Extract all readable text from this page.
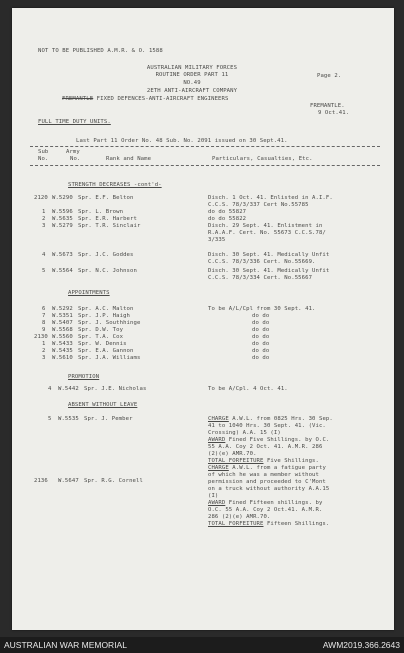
NOT TO BE PUBLISHED A.M.R. & O. 1588
AUSTRALIAN MILITARY FORCES
ROUTINE ORDER PART 11	Page 2.
NO.49
2ETH ANTI-AIRCRAFT COMPANY
FREMANTLE FIXED DEFENCES-ANTI-AIRCRAFT ENGINEERS
FREMANTLE.
9 Oct.41.
FULL TIME DUTY UNITS.
Last Part 11 Order No. 48 Sub. No. 2091 issued on 30 Sept.41.
Sub	Army
No.	No.	Rank and Name	Particulars, Casualties, Etc.
STRENGTH DECREASES -cont'd-
2120 W.5290 Spr. E.F. Belton	Disch. 1 Oct. 41. Enlisted in A.I.F.
C.C.S. 78/3/337 Cert No.55785
1 W.5596 Spr. L. Brown	do do 55827
2 W.5635 Spr. E.R. Harbert	do do 55822
3 W.5279 Spr. T.R. Sinclair	Disch. 29 Sept. 41. Enlistment in
R.A.A.F. Cert. No. 55673 C.C.S.78/
3/335
4 W.5673 Spr. J.C. Goddes	Disch. 30 Sept. 41. Medically Unfit
C.C.S. 78/3/336 Cert. No.55669.
5 W.5564 Spr. N.C. Johnson	Disch. 30 Sept. 41. Medically Unfit
C.C.S. 78/3/334 Cert. No.55667
APPOINTMENTS
6 W.5292 Spr. A.C. Malton	To be A/L/Cpl from 30 Sept. 41.
7 W.5351 Spr. J.P. Haigh	do do
8 W.5407 Spr. J. Southhinge	do do
9 W.5568 Spr. D.W. Toy	do do
2130 W.5560 Spr. T.A. Cox	do do
1 W.5433 Spr. W. Dennis	do do
2 W.5435 Spr. E.A. Gannon	do do
3 W.5610 Spr. J.A. Williams	do do
PROMOTION
4 W.5442 Spr. J.E. Nicholas	To be A/Cpl. 4 Oct. 41.
ABSENT WITHOUT LEAVE
5 W.5535 Spr. J. Pember	CHARGE A.W.L. from 0825 Hrs. 30 Sep.
41 to 1040 Hrs. 30 Sept. 41. (Vic.
Crossing) A.A. 15 (I)
AWARD Fined Five Shillings. by O.C.
55 A.A. Coy 2 Oct. 41. A.M.R. 286
(2)(e) AMR.70.
TOTAL FORFEITURE Five Shillings.
CHARGE A.W.L. from a fatigue party
of which he was a member without
2136 W.5647 Spr. R.G. Cornell	permission and proceeded to C'Mont
on a truck without authority A.A.15
(I)
AWARD Fined Fifteen shillings. by
O.C. 55 A.A. Coy 2 Oct.41. A.M.R.
286 (2)(e) AMR.70.
TOTAL FORFEITURE Fifteen Shillings.
AUSTRALIAN WAR MEMORIAL	AWM2019.366.2643
